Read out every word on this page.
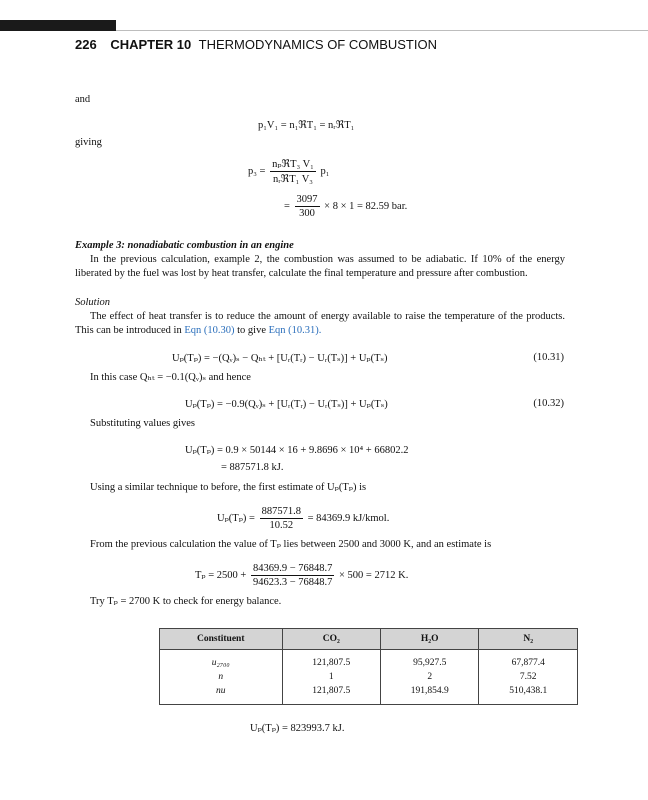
226 CHAPTER 10 THERMODYNAMICS OF COMBUSTION
and
p₁V₁ = n₁ℜT₁ = nᵣℜT₁
giving
$p_3 = \frac{\text{nₚℜT₃ V₁}}{\text{nᵣℜT₁ V₃}} p_1$
= $\frac{3097}{300} \times 8 \times 1 = 82.59$ bar.
Example 3: nonadiabatic combustion in an engine
In the previous calculation, example 2, the combustion was assumed to be adiabatic. If 10% of the energy liberated by the fuel was lost by heat transfer, calculate the final temperature and pressure after combustion.
Solution
The effect of heat transfer is to reduce the amount of energy available to raise the temperature of the products. This can be introduced in Eqn (10.30) to give Eqn (10.31).
Uₚ(Tₚ) = −(Qᵥ)ₛ − Qₕₜ + [Uᵣ(Tᵣ) − Uᵣ(Tₛ)] + Uₚ(Tₛ)	(10.31)
In this case Qₕₜ = −0.1(Qᵥ)ₛ and hence
Uₚ(Tₚ) = −0.9(Qᵥ)ₛ + [Uᵣ(Tᵣ) − Uᵣ(Tₛ)] + Uₚ(Tₛ)	(10.32)
Substituting values gives
Uₚ(Tₚ) = 0.9 × 50144 × 16 + 9.8696 × 10⁴ + 66802.2
= 887571.8 kJ.
Using a similar technique to before, the first estimate of Uₚ(Tₚ) is
$U_p(T_p) = \frac{887571.8}{10.52} = 84369.9$ kJ/kmol.
From the previous calculation the value of Tₚ lies between 2500 and 3000 K, and an estimate is
$T_p = 2500 + \frac{84369.9 - 76848.7}{94623.3 - 76848.7} \times 500 = 2712$ K.
Try Tₚ = 2700 K to check for energy balance.
Constituent	CO₂	H₂O	N₂
u₂₇₀₀	121,807.5	95,927.5	67,877.4
n	1	2	7.52
nu	121,807.5	191,854.9	510,438.1
Uₚ(Tₚ) = 823993.7 kJ.
